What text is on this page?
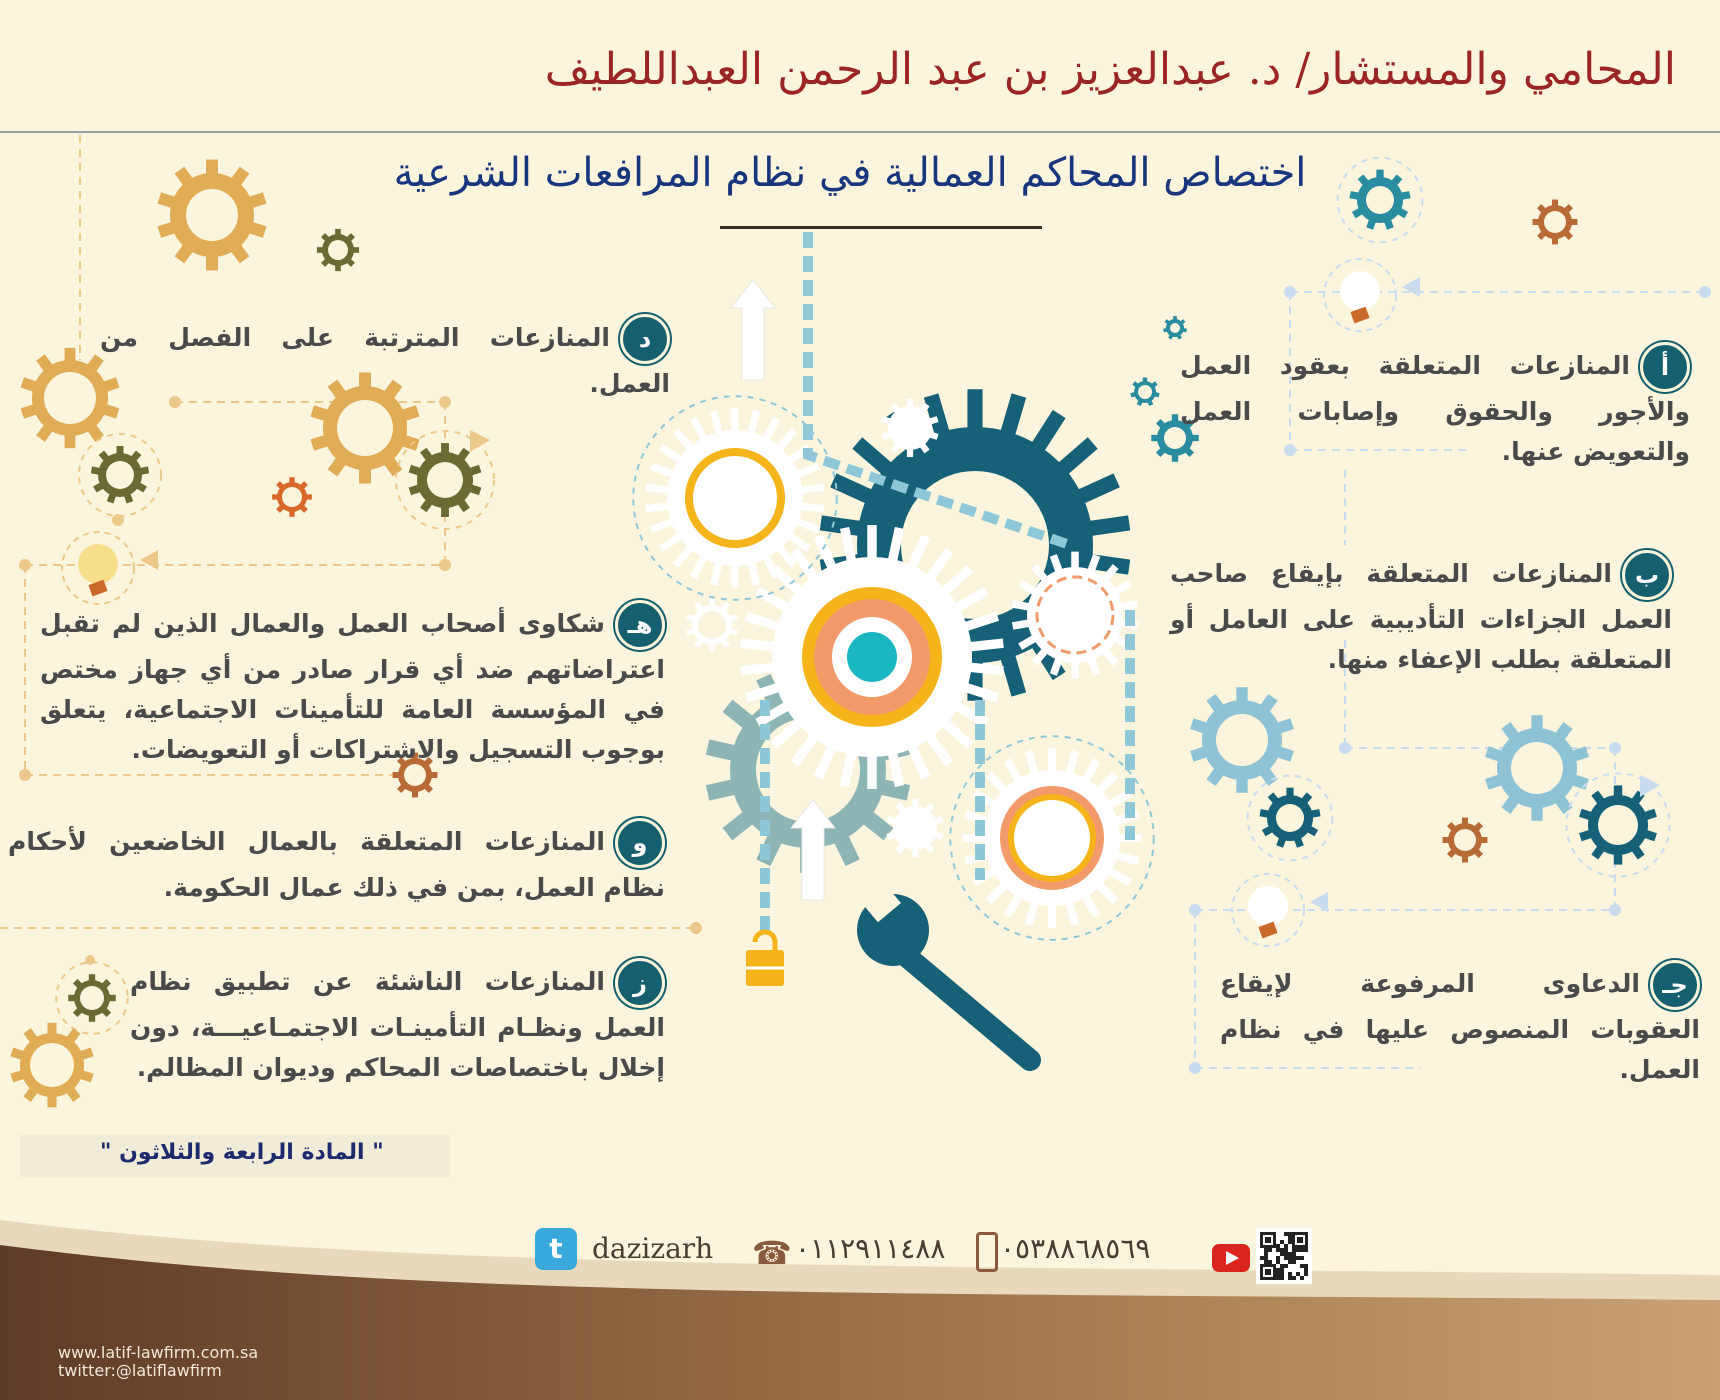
المحامي والمستشار/ د. عبدالعزيز بن عبد الرحمن العبداللطيف
اختصاص المحاكم العمالية في نظام المرافعات الشرعية
أالمنازعات المتعلقة بعقود العمل والأجور والحقوق وإصابات العمل والتعويض عنها.
بالمنازعات المتعلقة بإيقاع صاحب العمل الجزاءات التأديبية على العامل أو المتعلقة بطلب الإعفاء منها.
جـالدعاوى المرفوعة لإيقاع العقوبات المنصوص عليها في نظام العمل.
دالمنازعات المترتبة على الفصل من العمل.
هـشكاوى أصحاب العمل والعمال الذين لم تقبل اعتراضاتهم ضد أي قرار صادر من أي جهاز مختص في المؤسسة العامة للتأمينات الاجتماعية، يتعلق بوجوب التسجيل والاشتراكات أو التعويضات.
والمنازعات المتعلقة بالعمال الخاضعين لأحكام نظام العمل، بمن في ذلك عمال الحكومة.
زالمنازعات الناشئة عن تطبيق نظام العمل ونظـام التأمينـات الاجتمـاعيـــة، دون إخلال باختصاصات المحاكم وديوان المظالم.
" المادة الرابعة والثلاثون "
t	dazizarh ☎ ٠١١٢٩١١٤٨٨ ٠٥٣٨٨٦٨٥٦٩
www.latif-lawfirm.com.sa
twitter:@latiflawfirm
